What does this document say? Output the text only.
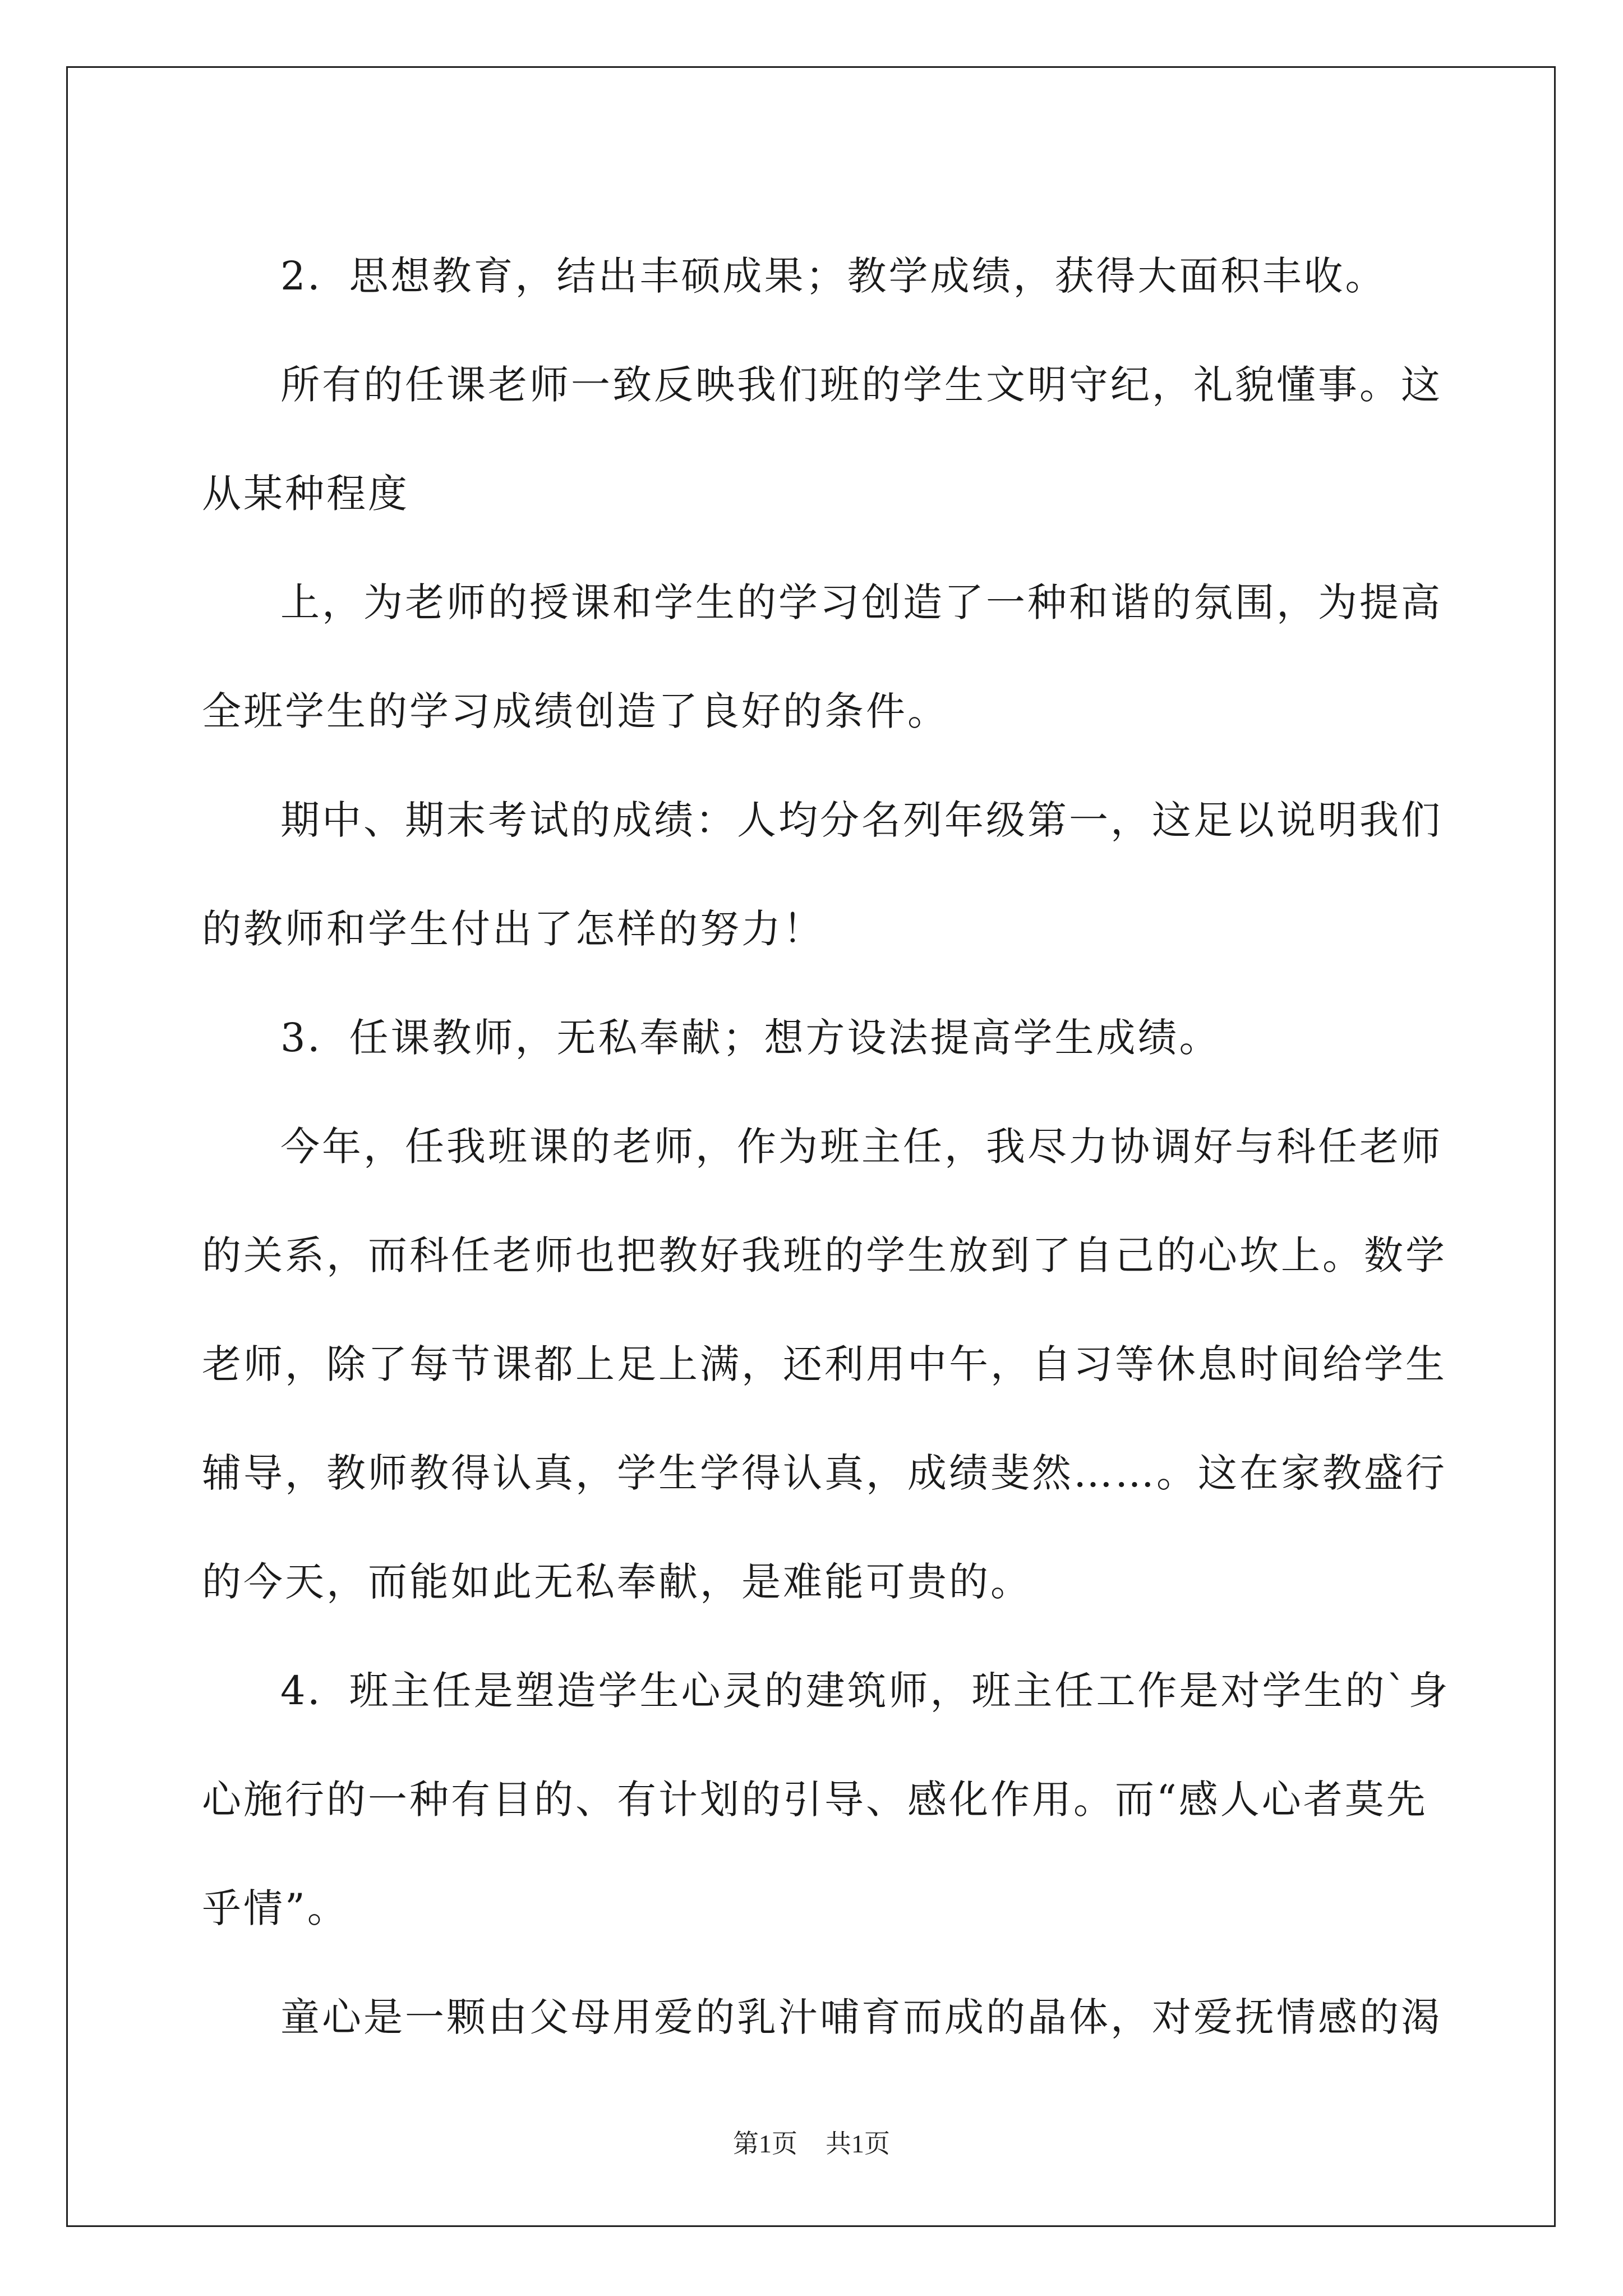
2．思想教育，结出丰硕成果；教学成绩，获得大面积丰收。

所有的任课老师一致反映我们班的学生文明守纪，礼貌懂事。这

从某种程度

上，为老师的授课和学生的学习创造了一种和谐的氛围，为提高

全班学生的学习成绩创造了良好的条件。

期中、期末考试的成绩：人均分名列年级第一，这足以说明我们

的教师和学生付出了怎样的努力！

3．任课教师，无私奉献；想方设法提高学生成绩。

今年，任我班课的老师，作为班主任，我尽力协调好与科任老师

的关系，而科任老师也把教好我班的学生放到了自己的心坎上。数学

老师，除了每节课都上足上满，还利用中午，自习等休息时间给学生

辅导，教师教得认真，学生学得认真，成绩斐然……。这在家教盛行

的今天，而能如此无私奉献，是难能可贵的。

4．班主任是塑造学生心灵的建筑师，班主任工作是对学生的`身

心施行的一种有目的、有计划的引导、感化作用。而“感人心者莫先

乎情”。

童心是一颗由父母用爱的乳汁哺育而成的晶体，对爱抚情感的渴

第1页 共1页
